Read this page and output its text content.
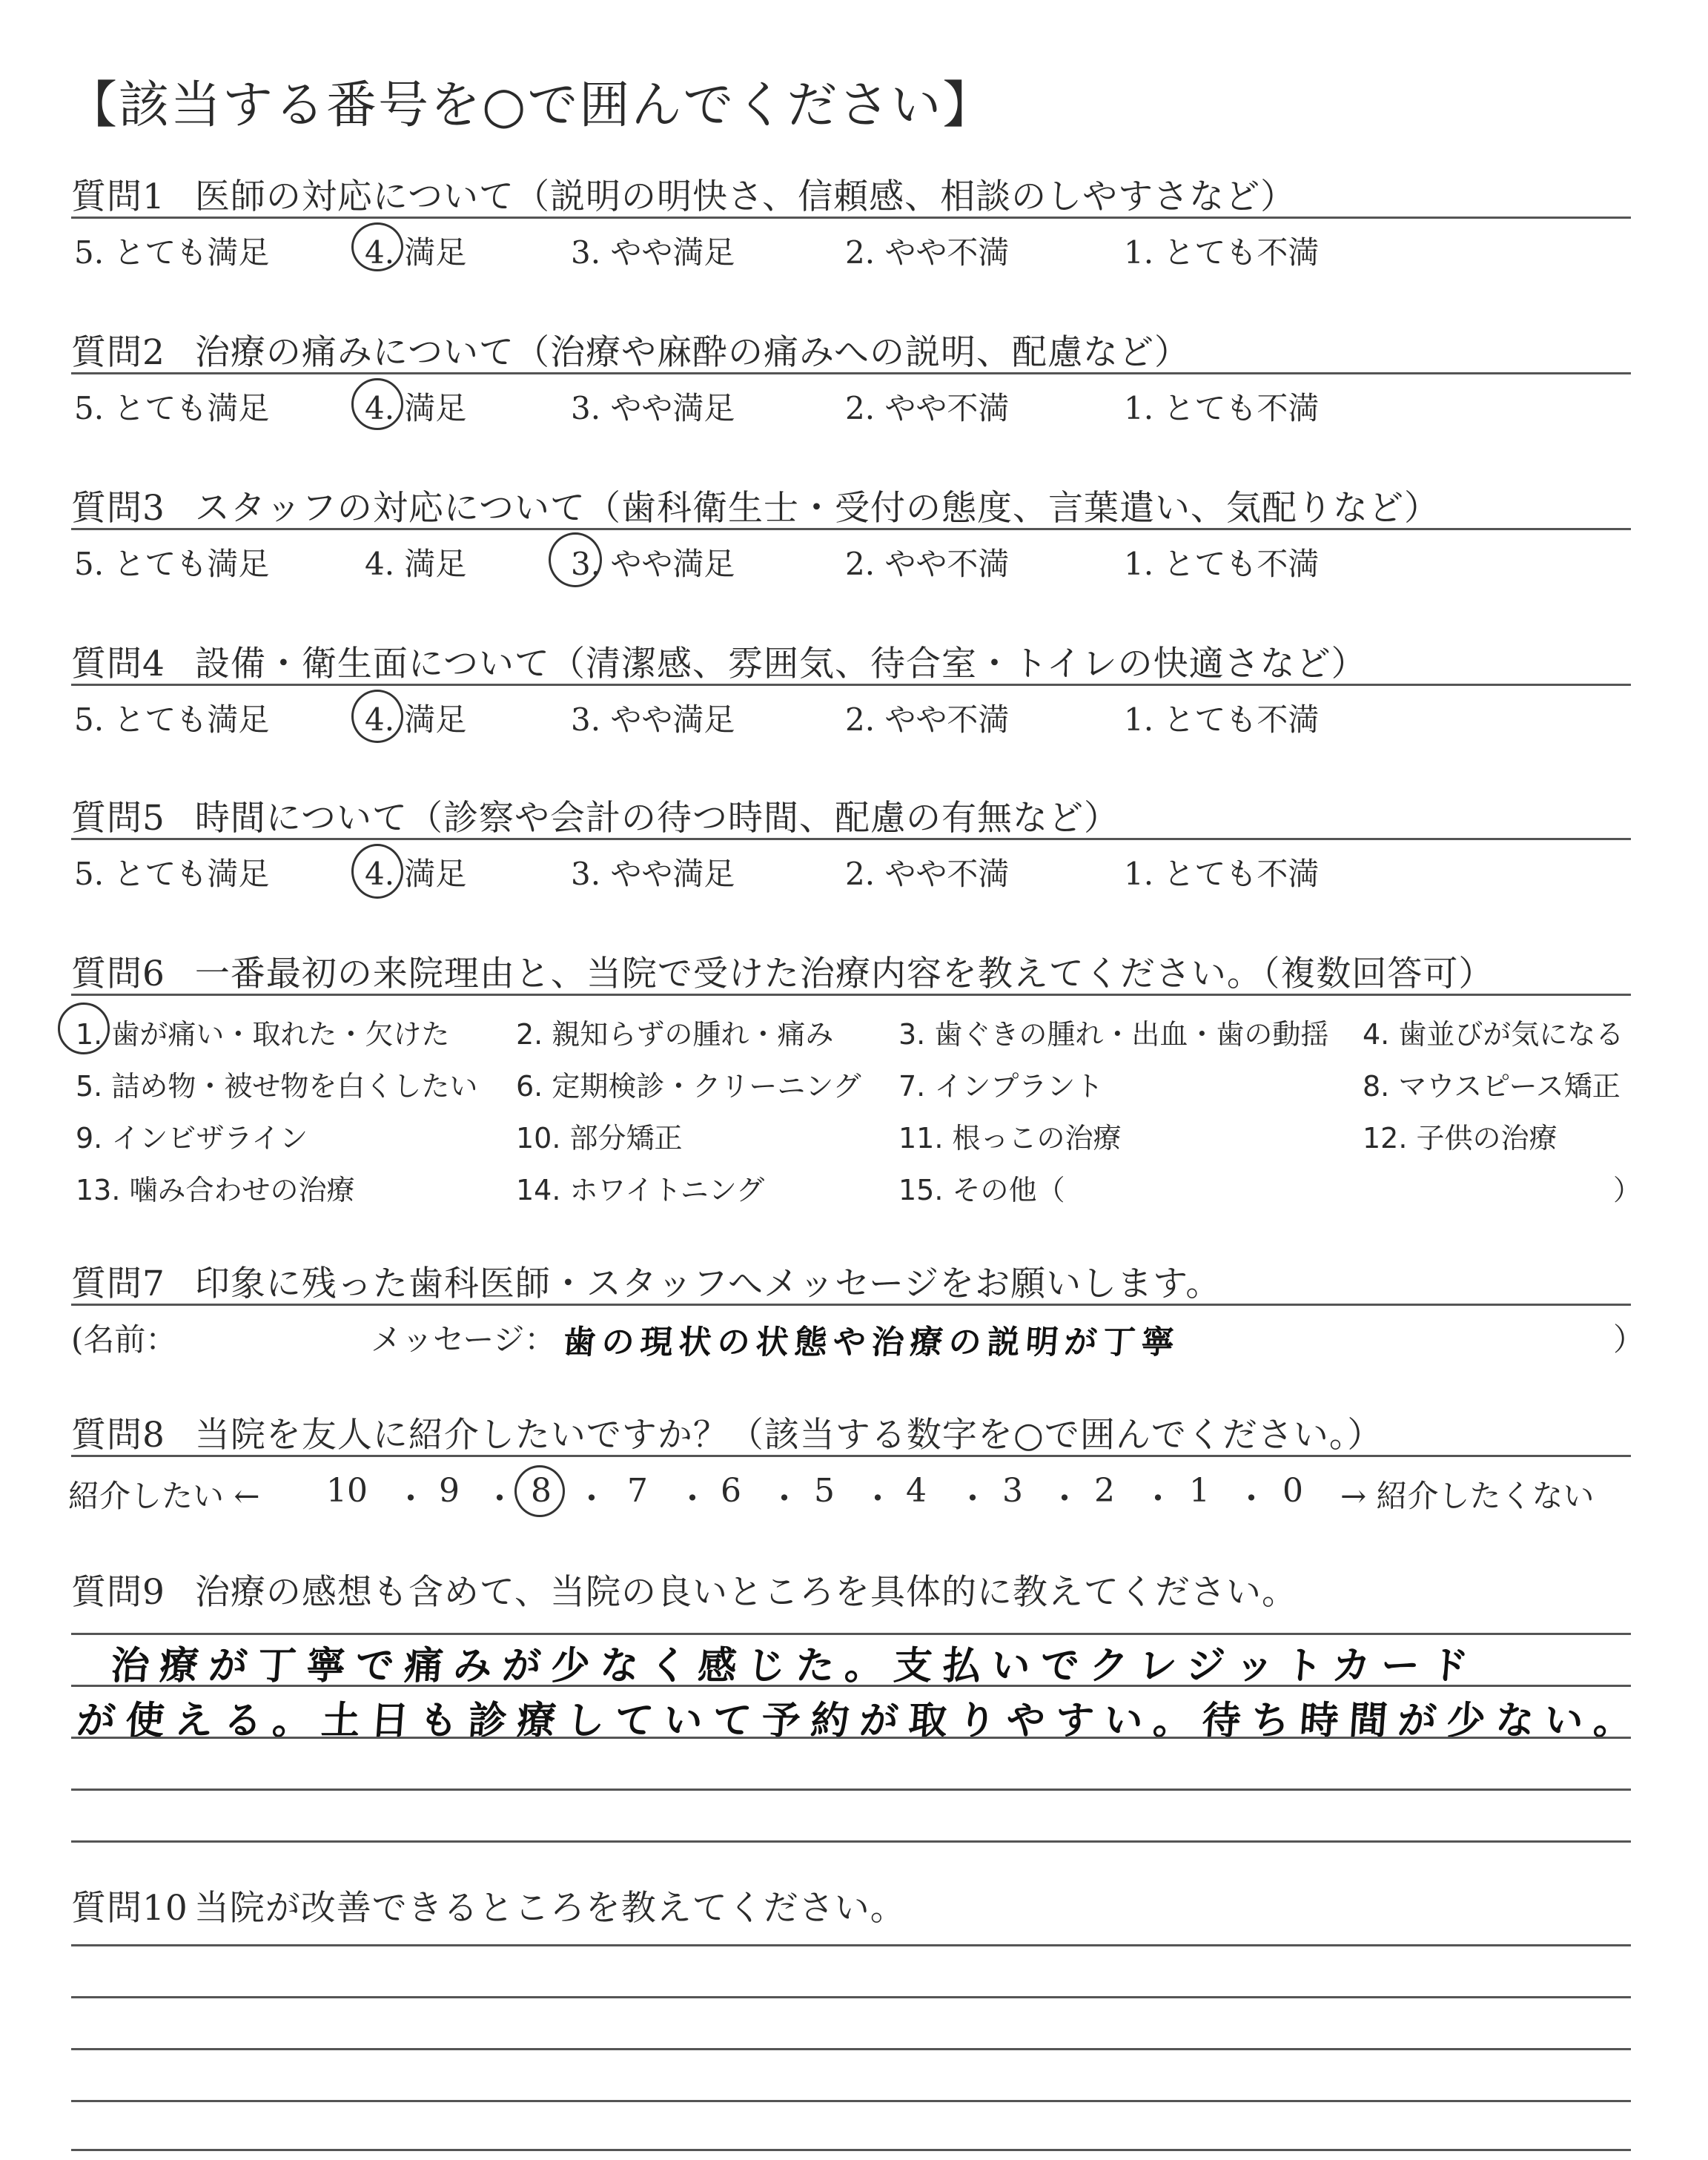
【該当する番号を○で囲んでください】
質問1 医師の対応について（説明の明快さ、信頼感、相談のしやすさなど）
5. とても満足	4. 満足	3. やや満足	2. やや不満	1. とても不満
質問2 治療の痛みについて（治療や麻酔の痛みへの説明、配慮など）
5. とても満足	4. 満足	3. やや満足	2. やや不満	1. とても不満
質問3 スタッフの対応について（歯科衛生士・受付の態度、言葉遣い、気配りなど）
5. とても満足	4. 満足	3. やや満足	2. やや不満	1. とても不満
質問4 設備・衛生面について（清潔感、雰囲気、待合室・トイレの快適さなど）
5. とても満足	4. 満足	3. やや満足	2. やや不満	1. とても不満
質問5 時間について（診察や会計の待つ時間、配慮の有無など）
5. とても満足	4. 満足	3. やや満足	2. やや不満	1. とても不満
質問6 一番最初の来院理由と、当院で受けた治療内容を教えてください。（複数回答可）
1. 歯が痛い・取れた・欠けた 2. 親知らずの腫れ・痛み 3. 歯ぐきの腫れ・出血・歯の動揺 4. 歯並びが気になる
5. 詰め物・被せ物を白くしたい 6. 定期検診・クリーニング 7. インプラント	8. マウスピース矯正
9. インビザライン	10. 部分矯正	11. 根っこの治療	12. 子供の治療
13. 噛み合わせの治療	14. ホワイトニング	15. その他（	）
質問7 印象に残った歯科医師・スタッフへメッセージをお願いします。
(名前：	メッセージ： 歯の現状の状態や治療の説明が丁寧	）
質問8 当院を友人に紹介したいですか？（該当する数字を○で囲んでください。）
紹介したい ← 10 ・ 9 ・ 8 ・ 7 ・ 6 ・ 5 ・ 4 ・ 3 ・ 2 ・ 1 ・ 0 → 紹介したくない
質問9 治療の感想も含めて、当院の良いところを具体的に教えてください。
治療が丁寧で痛みが少なく感じた。支払いでクレジットカード
が使える。土日も診療していて予約が取りやすい。待ち時間が少ない。
質問10 当院が改善できるところを教えてください。
